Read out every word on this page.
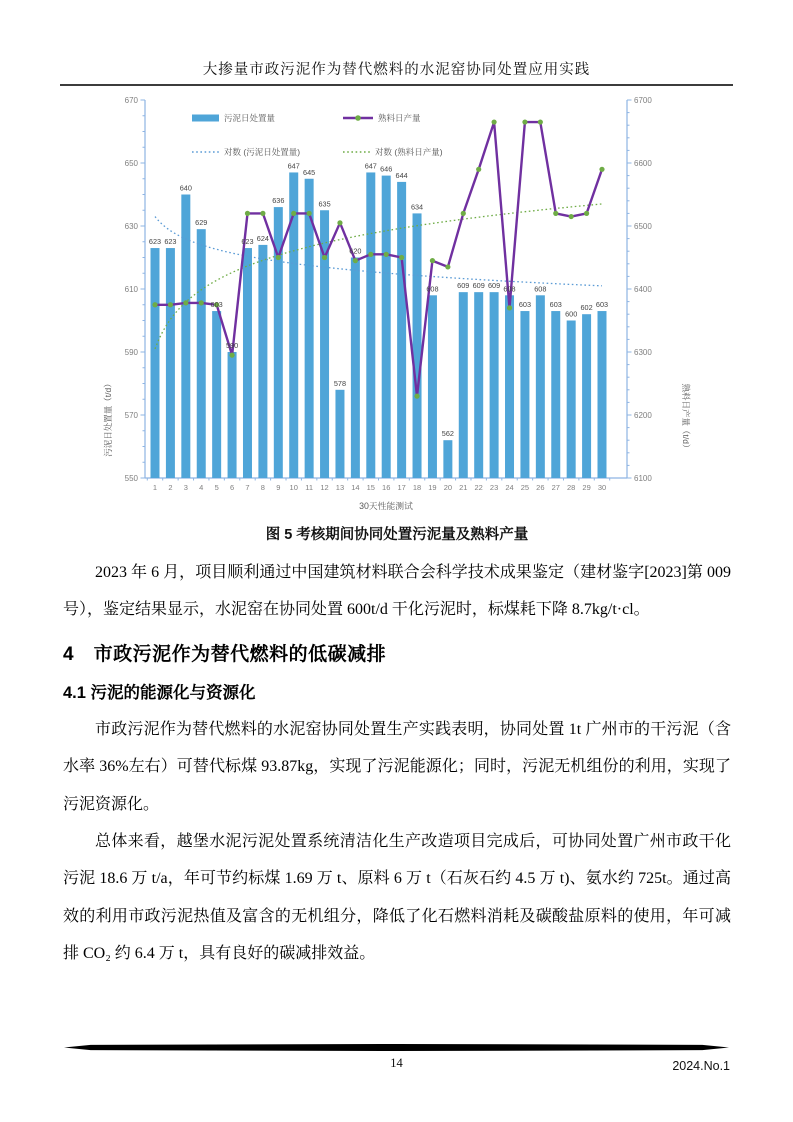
大掺量市政污泥作为替代燃料的水泥窑协同处置应用实践
550
570
590
610
630
650
670
6100
6200
6300
6400
6500
6600
6700
1 2 3 4 5 6 7 8 9 10 11 12 13 14 15 16 17 18 19 20 21 22 23 24 25 26 27 28 29 30
污泥日处置量（t/d）	熟料日产量（t/d）
30天性能测试
623 623
640
629
603
590
623 624
636
647
645
635
578
620
647 646
644
634
608
562
609 609 609 608
603
608
603
600
602 603
污泥日处置量	熟料日产量
对数 (污泥日处置量)	对数 (熟料日产量)

图 5 考核期间协同处置污泥量及熟料产量

2023 年 6 月，项目顺利通过中国建筑材料联合会科学技术成果鉴定（建材鉴字[2023]第 009 号），鉴定结果显示，水泥窑在协同处置 600t/d 干化污泥时，标煤耗下降 8.7kg/t·cl。

4　市政污泥作为替代燃料的低碳减排
4.1 污泥的能源化与资源化

市政污泥作为替代燃料的水泥窑协同处置生产实践表明，协同处置 1t 广州市的干污泥（含水率 36%左右）可替代标煤 93.87kg，实现了污泥能源化；同时，污泥无机组份的利用，实现了污泥资源化。

总体来看，越堡水泥污泥处置系统清洁化生产改造项目完成后，可协同处置广州市政干化污泥 18.6 万 t/a，年可节约标煤 1.69 万 t、原料 6 万 t（石灰石约 4.5 万 t)、氨水约 725t。通过高效的利用市政污泥热值及富含的无机组分，降低了化石燃料消耗及碳酸盐原料的使用，年可减排 CO₂ 约 6.4 万 t，具有良好的碳减排效益。

14	2024.No.1
